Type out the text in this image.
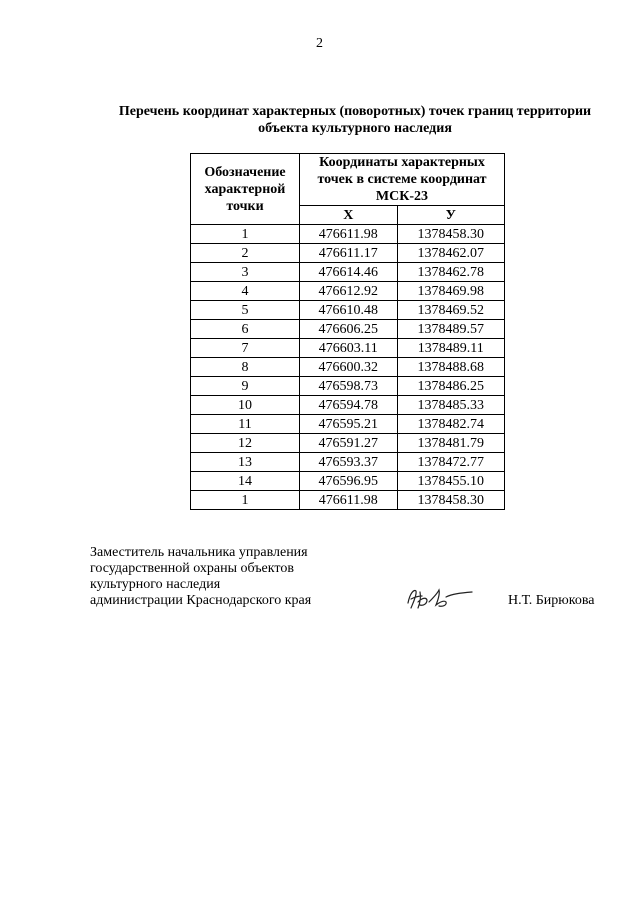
2
Перечень координат характерных (поворотных) точек границ территории
объекта культурного наследия
Обозначение характерной точки	Координаты характерных точек в системе координат МСК-23	
	Х	У
1	476611.98	1378458.30
2	476611.17	1378462.07
3	476614.46	1378462.78
4	476612.92	1378469.98
5	476610.48	1378469.52
6	476606.25	1378489.57
7	476603.11	1378489.11
8	476600.32	1378488.68
9	476598.73	1378486.25
10	476594.78	1378485.33
11	476595.21	1378482.74
12	476591.27	1378481.79
13	476593.37	1378472.77
14	476596.95	1378455.10
1	476611.98	1378458.30
Заместитель начальника управления
государственной охраны объектов
культурного наследия
администрации Краснодарского края	Н.Т. Бирюкова
